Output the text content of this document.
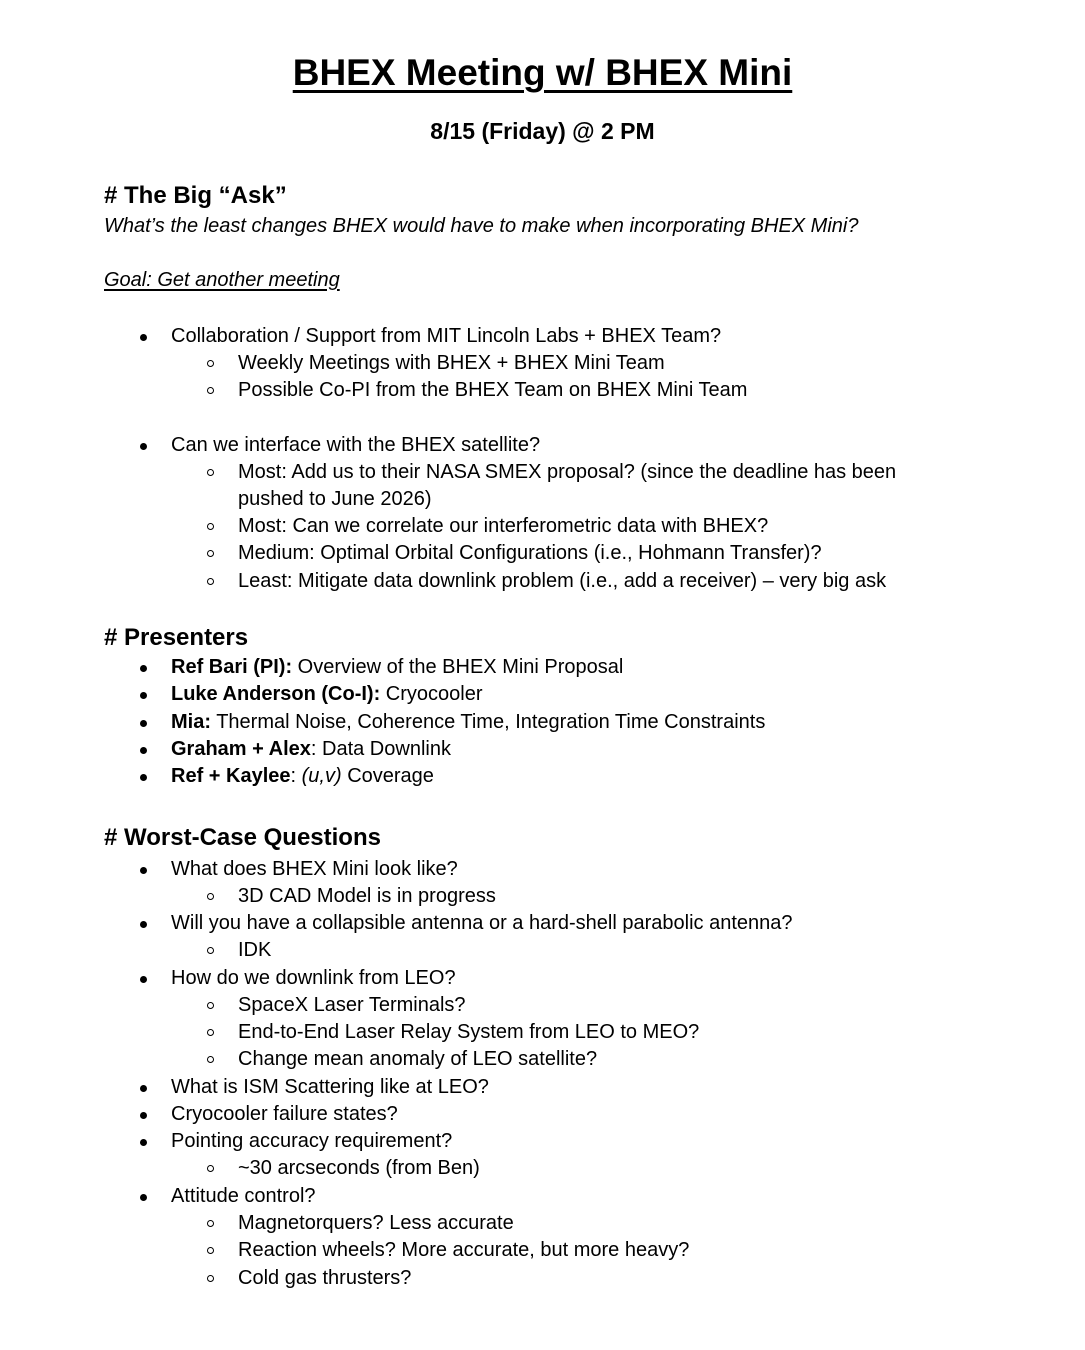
BHEX Meeting w/ BHEX Mini
8/15 (Friday) @ 2 PM
# The Big “Ask”

What’s the least changes BHEX would have to make when incorporating BHEX Mini?

Goal: Get another meeting

Collaboration / Support from MIT Lincoln Labs + BHEX Team?

Weekly Meetings with BHEX + BHEX Mini Team

Possible Co-PI from the BHEX Team on BHEX Mini Team

Can we interface with the BHEX satellite?

Most: Add us to their NASA SMEX proposal? (since the deadline has been pushed to June 2026)

Most: Can we correlate our interferometric data with BHEX?

Medium: Optimal Orbital Configurations (i.e., Hohmann Transfer)?

Least: Mitigate data downlink problem (i.e., add a receiver) – very big ask

# Presenters

Ref Bari (PI): Overview of the BHEX Mini Proposal

Luke Anderson (Co-I): Cryocooler

Mia: Thermal Noise, Coherence Time, Integration Time Constraints

Graham + Alex: Data Downlink

Ref + Kaylee: (u,v) Coverage

# Worst-Case Questions

What does BHEX Mini look like?

3D CAD Model is in progress

Will you have a collapsible antenna or a hard-shell parabolic antenna?

IDK

How do we downlink from LEO?

SpaceX Laser Terminals?

End-to-End Laser Relay System from LEO to MEO?

Change mean anomaly of LEO satellite?

What is ISM Scattering like at LEO?

Cryocooler failure states?

Pointing accuracy requirement?

~30 arcseconds (from Ben)

Attitude control?

Magnetorquers? Less accurate

Reaction wheels? More accurate, but more heavy?

Cold gas thrusters?
